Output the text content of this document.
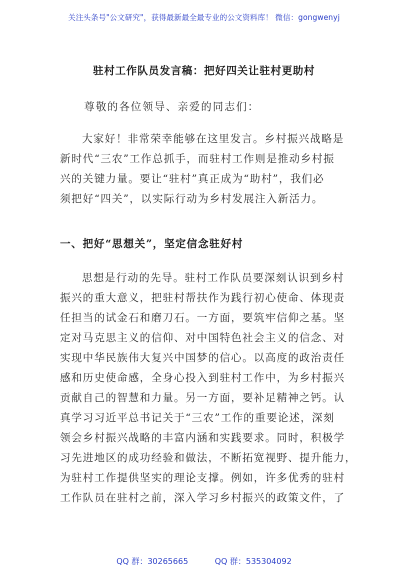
关注头条号"公文研究"，获得最新最全最专业的公文资料库！ 微信：gongwenyj
驻村工作队员发言稿：把好四关让驻村更助村
尊敬的各位领导、亲爱的同志们：
大家好！非常荣幸能够在这里发言。乡村振兴战略是
新时代“三农”工作总抓手，而驻村工作则是推动乡村振
兴的关键力量。要让“驻村”真正成为“助村”，我们必
须把好“四关”，以实际行动为乡村发展注入新活力。
一、把好“思想关”，坚定信念驻好村
思想是行动的先导。驻村工作队员要深刻认识到乡村
振兴的重大意义，把驻村帮扶作为践行初心使命、体现责
任担当的试金石和磨刀石。一方面，要筑牢信仰之基。坚
定对马克思主义的信仰、对中国特色社会主义的信念、对
实现中华民族伟大复兴中国梦的信心。以高度的政治责任
感和历史使命感，全身心投入到驻村工作中，为乡村振兴
贡献自己的智慧和力量。另一方面，要补足精神之钙。认
真学习习近平总书记关于“三农”工作的重要论述，深刻
领会乡村振兴战略的丰富内涵和实践要求。同时，积极学
习先进地区的成功经验和做法，不断拓宽视野、提升能力，
为驻村工作提供坚实的理论支撑。例如，许多优秀的驻村
工作队员在驻村之前，深入学习乡村振兴的政策文件，了
QQ 群：30265665	QQ 群：535304092
